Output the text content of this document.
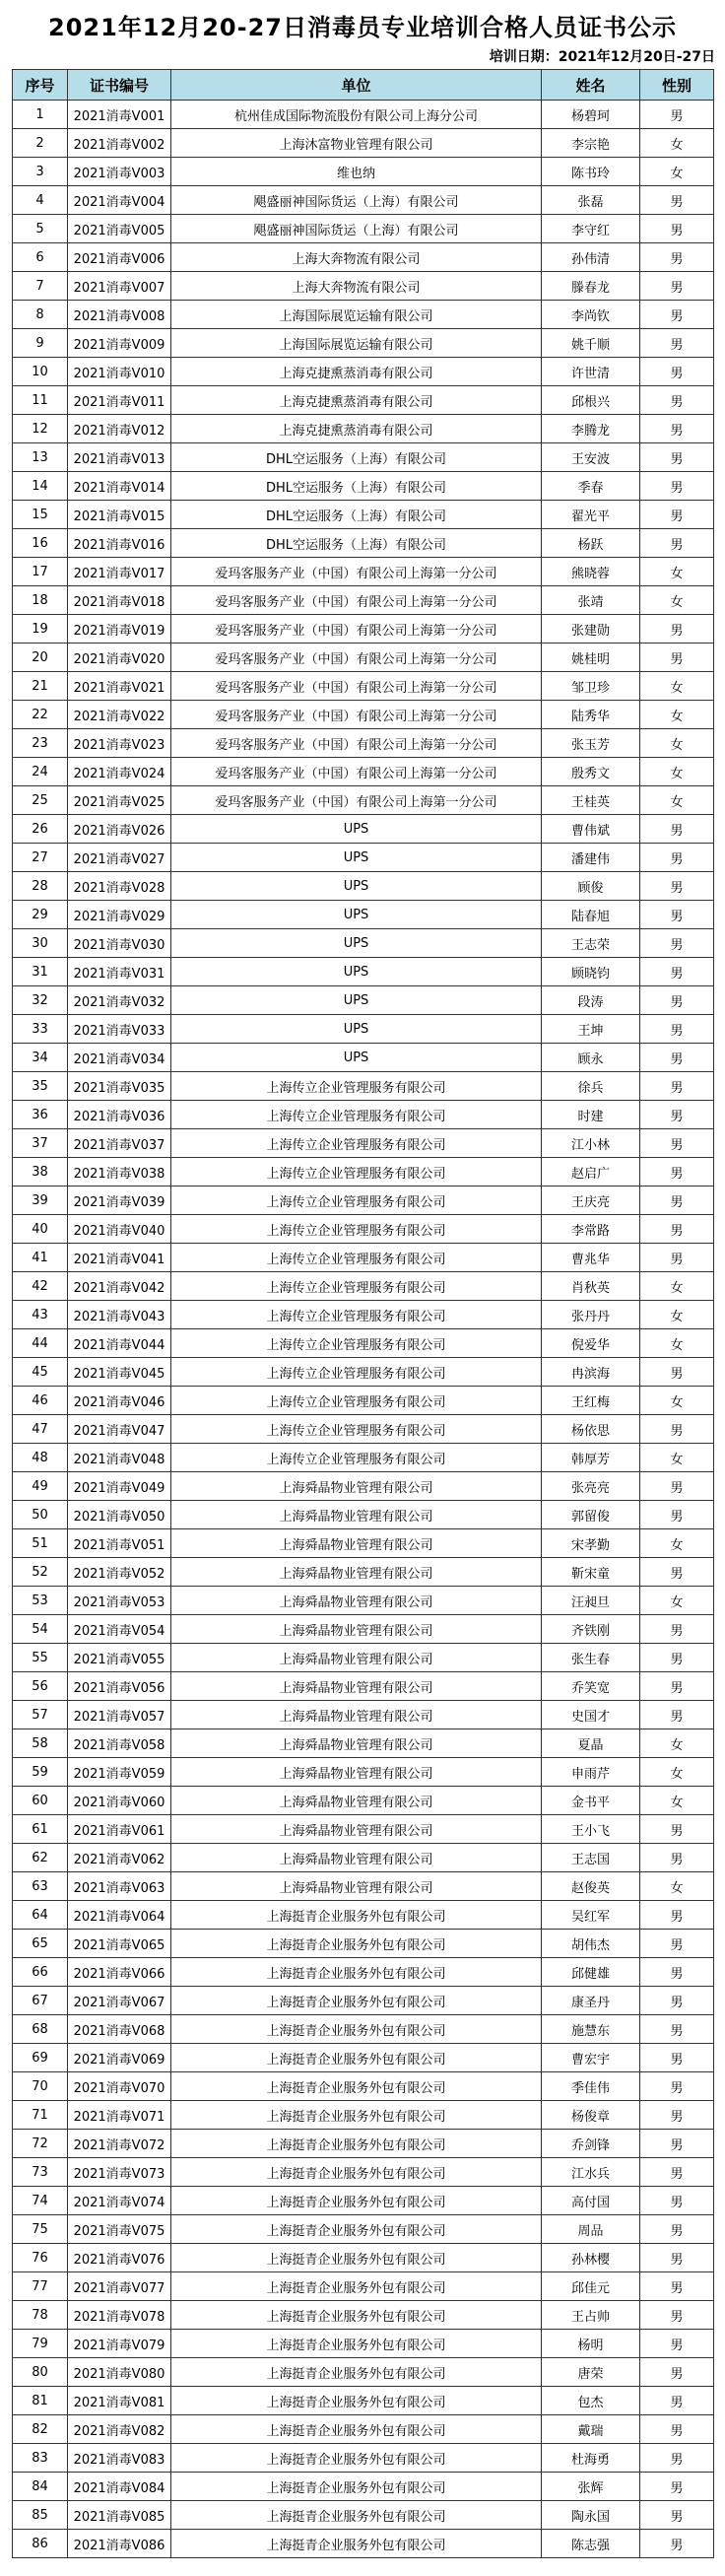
2021年12月20-27日消毒员专业培训合格人员证书公示
培训日期：2021年12月20日-27日
序号	证书编号	单位	姓名	性别
1	2021消毒V001	杭州佳成国际物流股份有限公司上海分公司	杨碧珂	男
2	2021消毒V002	上海沐富物业管理有限公司	李宗艳	女
3	2021消毒V003	维也纳	陈书玲	女
4	2021消毒V004	飓盛丽神国际货运（上海）有限公司	张磊	男
5	2021消毒V005	飓盛丽神国际货运（上海）有限公司	李守红	男
6	2021消毒V006	上海大奔物流有限公司	孙伟清	男
7	2021消毒V007	上海大奔物流有限公司	滕春龙	男
8	2021消毒V008	上海国际展览运输有限公司	李尚钦	男
9	2021消毒V009	上海国际展览运输有限公司	姚千顺	男
10	2021消毒V010	上海克捷熏蒸消毒有限公司	许世清	男
11	2021消毒V011	上海克捷熏蒸消毒有限公司	邱根兴	男
12	2021消毒V012	上海克捷熏蒸消毒有限公司	李腾龙	男
13	2021消毒V013	DHL空运服务（上海）有限公司	王安波	男
14	2021消毒V014	DHL空运服务（上海）有限公司	季春	男
15	2021消毒V015	DHL空运服务（上海）有限公司	翟光平	男
16	2021消毒V016	DHL空运服务（上海）有限公司	杨跃	男
17	2021消毒V017	爱玛客服务产业（中国）有限公司上海第一分公司	熊晓蓉	女
18	2021消毒V018	爱玛客服务产业（中国）有限公司上海第一分公司	张靖	女
19	2021消毒V019	爱玛客服务产业（中国）有限公司上海第一分公司	张建勋	男
20	2021消毒V020	爱玛客服务产业（中国）有限公司上海第一分公司	姚桂明	男
21	2021消毒V021	爱玛客服务产业（中国）有限公司上海第一分公司	邹卫珍	女
22	2021消毒V022	爱玛客服务产业（中国）有限公司上海第一分公司	陆秀华	女
23	2021消毒V023	爱玛客服务产业（中国）有限公司上海第一分公司	张玉芳	女
24	2021消毒V024	爱玛客服务产业（中国）有限公司上海第一分公司	殷秀文	女
25	2021消毒V025	爱玛客服务产业（中国）有限公司上海第一分公司	王桂英	女
26	2021消毒V026	UPS	曹伟斌	男
27	2021消毒V027	UPS	潘建伟	男
28	2021消毒V028	UPS	顾俊	男
29	2021消毒V029	UPS	陆春旭	男
30	2021消毒V030	UPS	王志荣	男
31	2021消毒V031	UPS	顾晓钧	男
32	2021消毒V032	UPS	段涛	男
33	2021消毒V033	UPS	王坤	男
34	2021消毒V034	UPS	顾永	男
35	2021消毒V035	上海传立企业管理服务有限公司	徐兵	男
36	2021消毒V036	上海传立企业管理服务有限公司	时建	男
37	2021消毒V037	上海传立企业管理服务有限公司	江小林	男
38	2021消毒V038	上海传立企业管理服务有限公司	赵启广	男
39	2021消毒V039	上海传立企业管理服务有限公司	王庆亮	男
40	2021消毒V040	上海传立企业管理服务有限公司	李常路	男
41	2021消毒V041	上海传立企业管理服务有限公司	曹兆华	男
42	2021消毒V042	上海传立企业管理服务有限公司	肖秋英	女
43	2021消毒V043	上海传立企业管理服务有限公司	张丹丹	女
44	2021消毒V044	上海传立企业管理服务有限公司	倪爱华	女
45	2021消毒V045	上海传立企业管理服务有限公司	冉滨海	男
46	2021消毒V046	上海传立企业管理服务有限公司	王红梅	女
47	2021消毒V047	上海传立企业管理服务有限公司	杨依思	男
48	2021消毒V048	上海传立企业管理服务有限公司	韩厚芳	女
49	2021消毒V049	上海舜晶物业管理有限公司	张亮亮	男
50	2021消毒V050	上海舜晶物业管理有限公司	郭留俊	男
51	2021消毒V051	上海舜晶物业管理有限公司	宋孝勤	女
52	2021消毒V052	上海舜晶物业管理有限公司	靳宋童	男
53	2021消毒V053	上海舜晶物业管理有限公司	汪昶旦	女
54	2021消毒V054	上海舜晶物业管理有限公司	齐铁刚	男
55	2021消毒V055	上海舜晶物业管理有限公司	张生春	男
56	2021消毒V056	上海舜晶物业管理有限公司	乔笑宽	男
57	2021消毒V057	上海舜晶物业管理有限公司	史国才	男
58	2021消毒V058	上海舜晶物业管理有限公司	夏晶	女
59	2021消毒V059	上海舜晶物业管理有限公司	申雨芹	女
60	2021消毒V060	上海舜晶物业管理有限公司	金书平	女
61	2021消毒V061	上海舜晶物业管理有限公司	王小飞	男
62	2021消毒V062	上海舜晶物业管理有限公司	王志国	男
63	2021消毒V063	上海舜晶物业管理有限公司	赵俊英	女
64	2021消毒V064	上海挺青企业服务外包有限公司	吴红军	男
65	2021消毒V065	上海挺青企业服务外包有限公司	胡伟杰	男
66	2021消毒V066	上海挺青企业服务外包有限公司	邱健雄	男
67	2021消毒V067	上海挺青企业服务外包有限公司	康圣丹	男
68	2021消毒V068	上海挺青企业服务外包有限公司	施慧东	男
69	2021消毒V069	上海挺青企业服务外包有限公司	曹宏宇	男
70	2021消毒V070	上海挺青企业服务外包有限公司	季佳伟	男
71	2021消毒V071	上海挺青企业服务外包有限公司	杨俊章	男
72	2021消毒V072	上海挺青企业服务外包有限公司	乔剑锋	男
73	2021消毒V073	上海挺青企业服务外包有限公司	江水兵	男
74	2021消毒V074	上海挺青企业服务外包有限公司	高付国	男
75	2021消毒V075	上海挺青企业服务外包有限公司	周品	男
76	2021消毒V076	上海挺青企业服务外包有限公司	孙林樱	男
77	2021消毒V077	上海挺青企业服务外包有限公司	邱佳元	男
78	2021消毒V078	上海挺青企业服务外包有限公司	王占帅	男
79	2021消毒V079	上海挺青企业服务外包有限公司	杨明	男
80	2021消毒V080	上海挺青企业服务外包有限公司	唐荣	男
81	2021消毒V081	上海挺青企业服务外包有限公司	包杰	男
82	2021消毒V082	上海挺青企业服务外包有限公司	戴瑞	男
83	2021消毒V083	上海挺青企业服务外包有限公司	杜海勇	男
84	2021消毒V084	上海挺青企业服务外包有限公司	张辉	男
85	2021消毒V085	上海挺青企业服务外包有限公司	陶永国	男
86	2021消毒V086	上海挺青企业服务外包有限公司	陈志强	男
